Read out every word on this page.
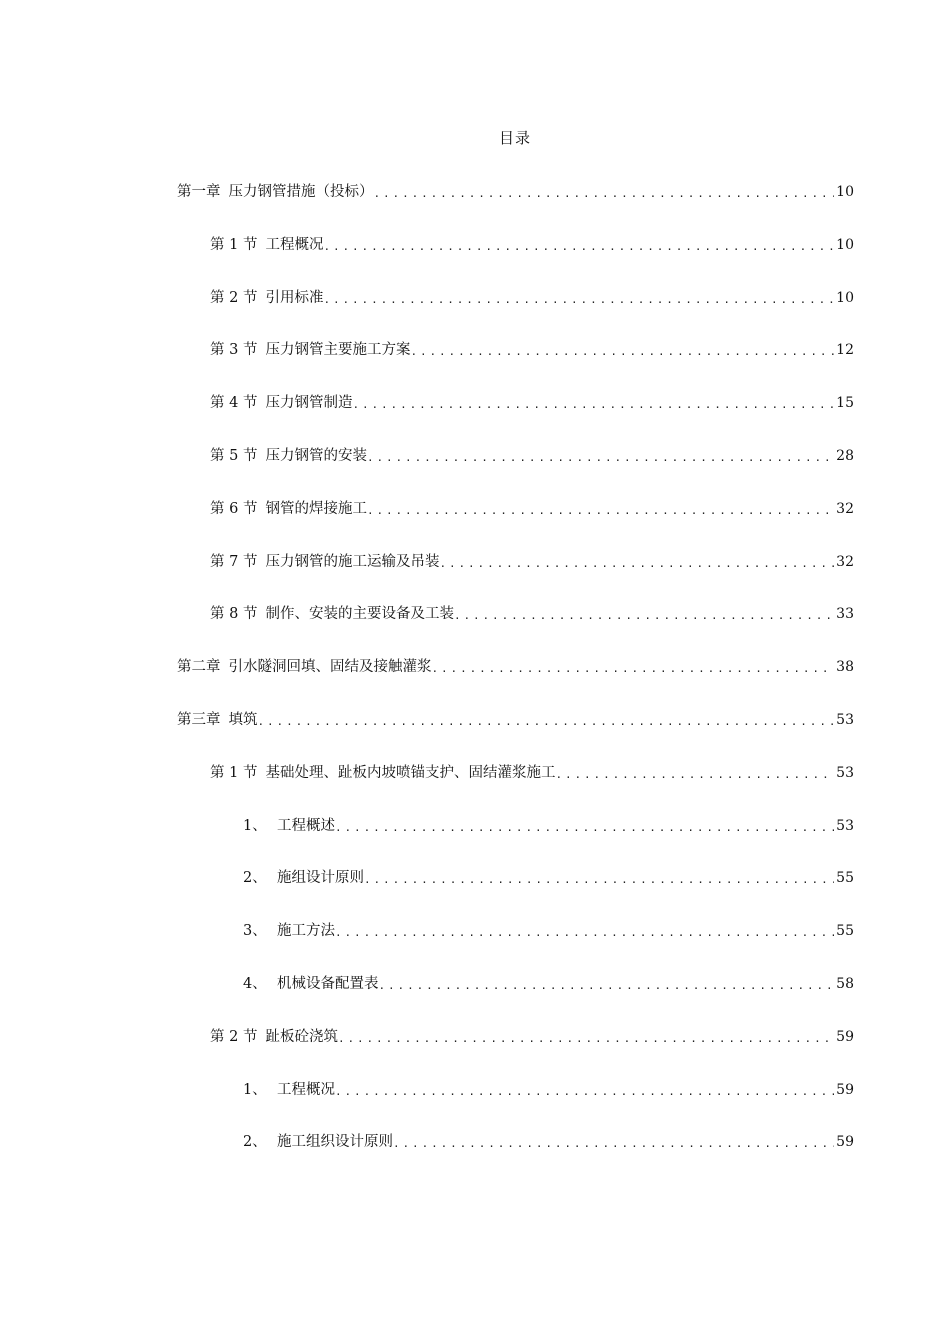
目录
第一章 压力钢管措施（投标） .....	10
第 1 节 工程概况 .....	10
第 2 节 引用标准 .....	10
第 3 节 压力钢管主要施工方案 .....	12
第 4 节 压力钢管制造 .....	15
第 5 节 压力钢管的安装 .....	28
第 6 节 钢管的焊接施工 .....	32
第 7 节 压力钢管的施工运输及吊装 .....	32
第 8 节 制作、安装的主要设备及工装 .....	33
第二章 引水隧洞回填、固结及接触灌浆 .....	38
第三章 填筑 .....	53
第 1 节 基础处理、趾板内坡喷锚支护、固结灌浆施工 .....	53
1、 工程概述 .....	53
2、 施组设计原则 .....	55
3、 施工方法 .....	55
4、 机械设备配置表 .....	58
第 2 节 趾板砼浇筑 .....	59
1、 工程概况 .....	59
2、 施工组织设计原则 .....	59
